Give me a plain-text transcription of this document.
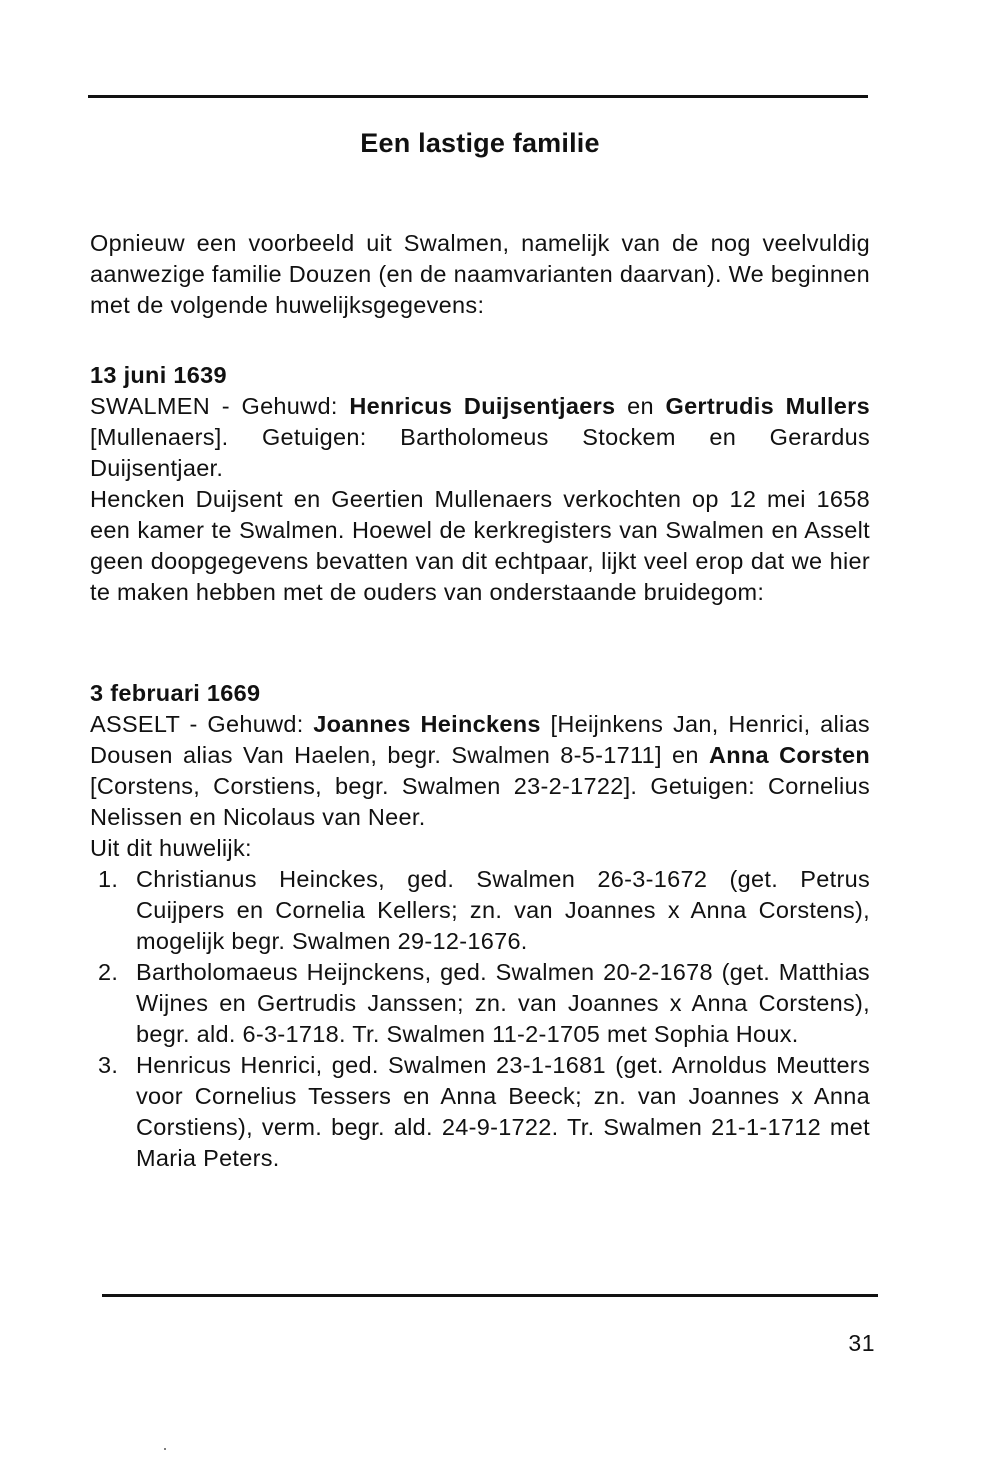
Een lastige familie
Opnieuw een voorbeeld uit Swalmen, namelijk van de nog veelvuldig aanwezige familie Douzen (en de naamvarianten daarvan). We beginnen met de volgende huwelijksgegevens:
13 juni 1639
SWALMEN - Gehuwd: Henricus Duijsentjaers en Gertrudis Mullers [Mullenaers]. Getuigen: Bartholomeus Stockem en Gerardus Duijsentjaer.
Hencken Duijsent en Geertien Mullenaers verkochten op 12 mei 1658 een kamer te Swalmen. Hoewel de kerkregisters van Swalmen en Asselt geen doopgegevens bevatten van dit echtpaar, lijkt veel erop dat we hier te maken hebben met de ouders van onderstaande bruidegom:
3 februari 1669
ASSELT - Gehuwd: Joannes Heinckens [Heijnkens Jan, Henrici, alias Dousen alias Van Haelen, begr. Swalmen 8-5-1711] en Anna Corsten [Corstens, Corstiens, begr. Swalmen 23-2-1722]. Getuigen: Cornelius Nelissen en Nicolaus van Neer.
Uit dit huwelijk:
1. Christianus Heinckes, ged. Swalmen 26-3-1672 (get. Petrus Cuijpers en Cornelia Kellers; zn. van Joannes x Anna Corstens), mogelijk begr. Swalmen 29-12-1676.
2. Bartholomaeus Heijnckens, ged. Swalmen 20-2-1678 (get. Matthias Wijnes en Gertrudis Janssen; zn. van Joannes x Anna Corstens), begr. ald. 6-3-1718. Tr. Swalmen 11-2-1705 met Sophia Houx.
3. Henricus Henrici, ged. Swalmen 23-1-1681 (get. Arnoldus Meutters voor Cornelius Tessers en Anna Beeck; zn. van Joannes x Anna Corstiens), verm. begr. ald. 24-9-1722. Tr. Swalmen 21-1-1712 met Maria Peters.
31
